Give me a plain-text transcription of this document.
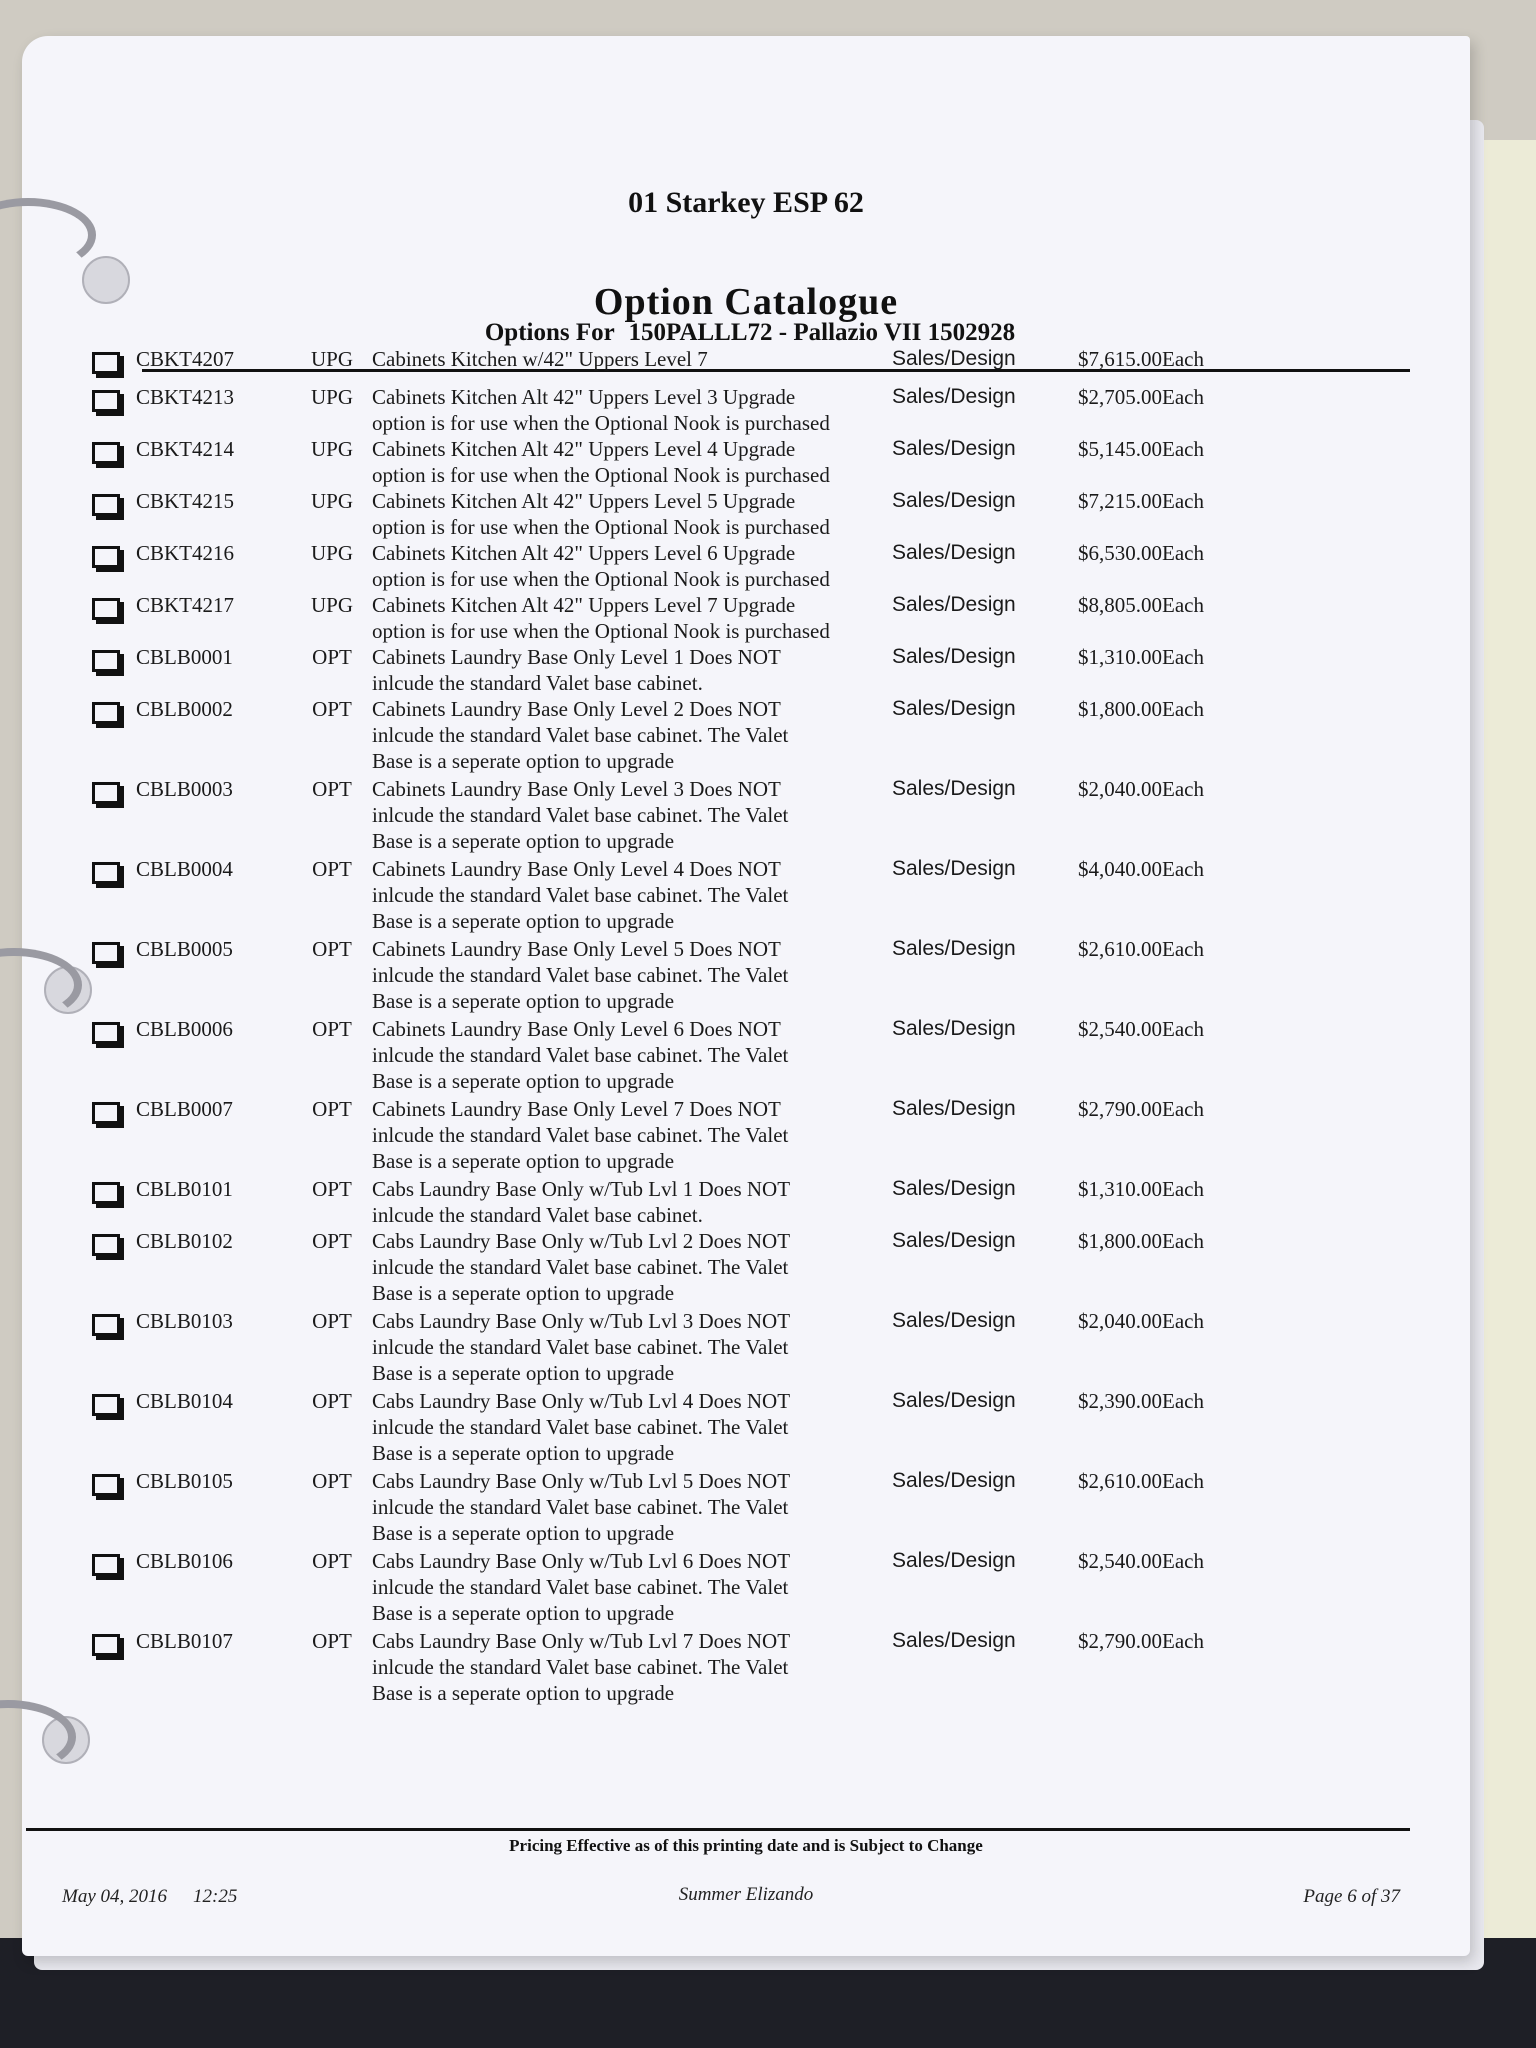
01 Starkey ESP 62
Option Catalogue
Options For 150PALLL72 - Pallazio VII 1502928
	CBKT4207	UPG	Cabinets Kitchen w/42" Uppers Level 7	Sales/Design	$7,615.00	Each
	CBKT4213	UPG	Cabinets Kitchen Alt 42" Uppers Level 3 Upgrade
option is for use when the Optional Nook is purchased	Sales/Design	$2,705.00	Each
	CBKT4214	UPG	Cabinets Kitchen Alt 42" Uppers Level 4 Upgrade
option is for use when the Optional Nook is purchased	Sales/Design	$5,145.00	Each
	CBKT4215	UPG	Cabinets Kitchen Alt 42" Uppers Level 5 Upgrade
option is for use when the Optional Nook is purchased	Sales/Design	$7,215.00	Each
	CBKT4216	UPG	Cabinets Kitchen Alt 42" Uppers Level 6 Upgrade
option is for use when the Optional Nook is purchased	Sales/Design	$6,530.00	Each
	CBKT4217	UPG	Cabinets Kitchen Alt 42" Uppers Level 7 Upgrade
option is for use when the Optional Nook is purchased	Sales/Design	$8,805.00	Each
	CBLB0001	OPT	Cabinets Laundry Base Only Level 1 Does NOT
inlcude the standard Valet base cabinet.	Sales/Design	$1,310.00	Each
	CBLB0002	OPT	Cabinets Laundry Base Only Level 2 Does NOT
inlcude the standard Valet base cabinet. The Valet
Base is a seperate option to upgrade	Sales/Design	$1,800.00	Each
	CBLB0003	OPT	Cabinets Laundry Base Only Level 3 Does NOT
inlcude the standard Valet base cabinet. The Valet
Base is a seperate option to upgrade	Sales/Design	$2,040.00	Each
	CBLB0004	OPT	Cabinets Laundry Base Only Level 4 Does NOT
inlcude the standard Valet base cabinet. The Valet
Base is a seperate option to upgrade	Sales/Design	$4,040.00	Each
	CBLB0005	OPT	Cabinets Laundry Base Only Level 5 Does NOT
inlcude the standard Valet base cabinet. The Valet
Base is a seperate option to upgrade	Sales/Design	$2,610.00	Each
	CBLB0006	OPT	Cabinets Laundry Base Only Level 6 Does NOT
inlcude the standard Valet base cabinet. The Valet
Base is a seperate option to upgrade	Sales/Design	$2,540.00	Each
	CBLB0007	OPT	Cabinets Laundry Base Only Level 7 Does NOT
inlcude the standard Valet base cabinet. The Valet
Base is a seperate option to upgrade	Sales/Design	$2,790.00	Each
	CBLB0101	OPT	Cabs Laundry Base Only w/Tub Lvl 1 Does NOT
inlcude the standard Valet base cabinet.	Sales/Design	$1,310.00	Each
	CBLB0102	OPT	Cabs Laundry Base Only w/Tub Lvl 2 Does NOT
inlcude the standard Valet base cabinet. The Valet
Base is a seperate option to upgrade	Sales/Design	$1,800.00	Each
	CBLB0103	OPT	Cabs Laundry Base Only w/Tub Lvl 3 Does NOT
inlcude the standard Valet base cabinet. The Valet
Base is a seperate option to upgrade	Sales/Design	$2,040.00	Each
	CBLB0104	OPT	Cabs Laundry Base Only w/Tub Lvl 4 Does NOT
inlcude the standard Valet base cabinet. The Valet
Base is a seperate option to upgrade	Sales/Design	$2,390.00	Each
	CBLB0105	OPT	Cabs Laundry Base Only w/Tub Lvl 5 Does NOT
inlcude the standard Valet base cabinet. The Valet
Base is a seperate option to upgrade	Sales/Design	$2,610.00	Each
	CBLB0106	OPT	Cabs Laundry Base Only w/Tub Lvl 6 Does NOT
inlcude the standard Valet base cabinet. The Valet
Base is a seperate option to upgrade	Sales/Design	$2,540.00	Each
	CBLB0107	OPT	Cabs Laundry Base Only w/Tub Lvl 7 Does NOT
inlcude the standard Valet base cabinet. The Valet
Base is a seperate option to upgrade	Sales/Design	$2,790.00	Each
Pricing Effective as of this printing date and is Subject to Change
May 04, 2016 12:25	Summer Elizando	Page 6 of 37
